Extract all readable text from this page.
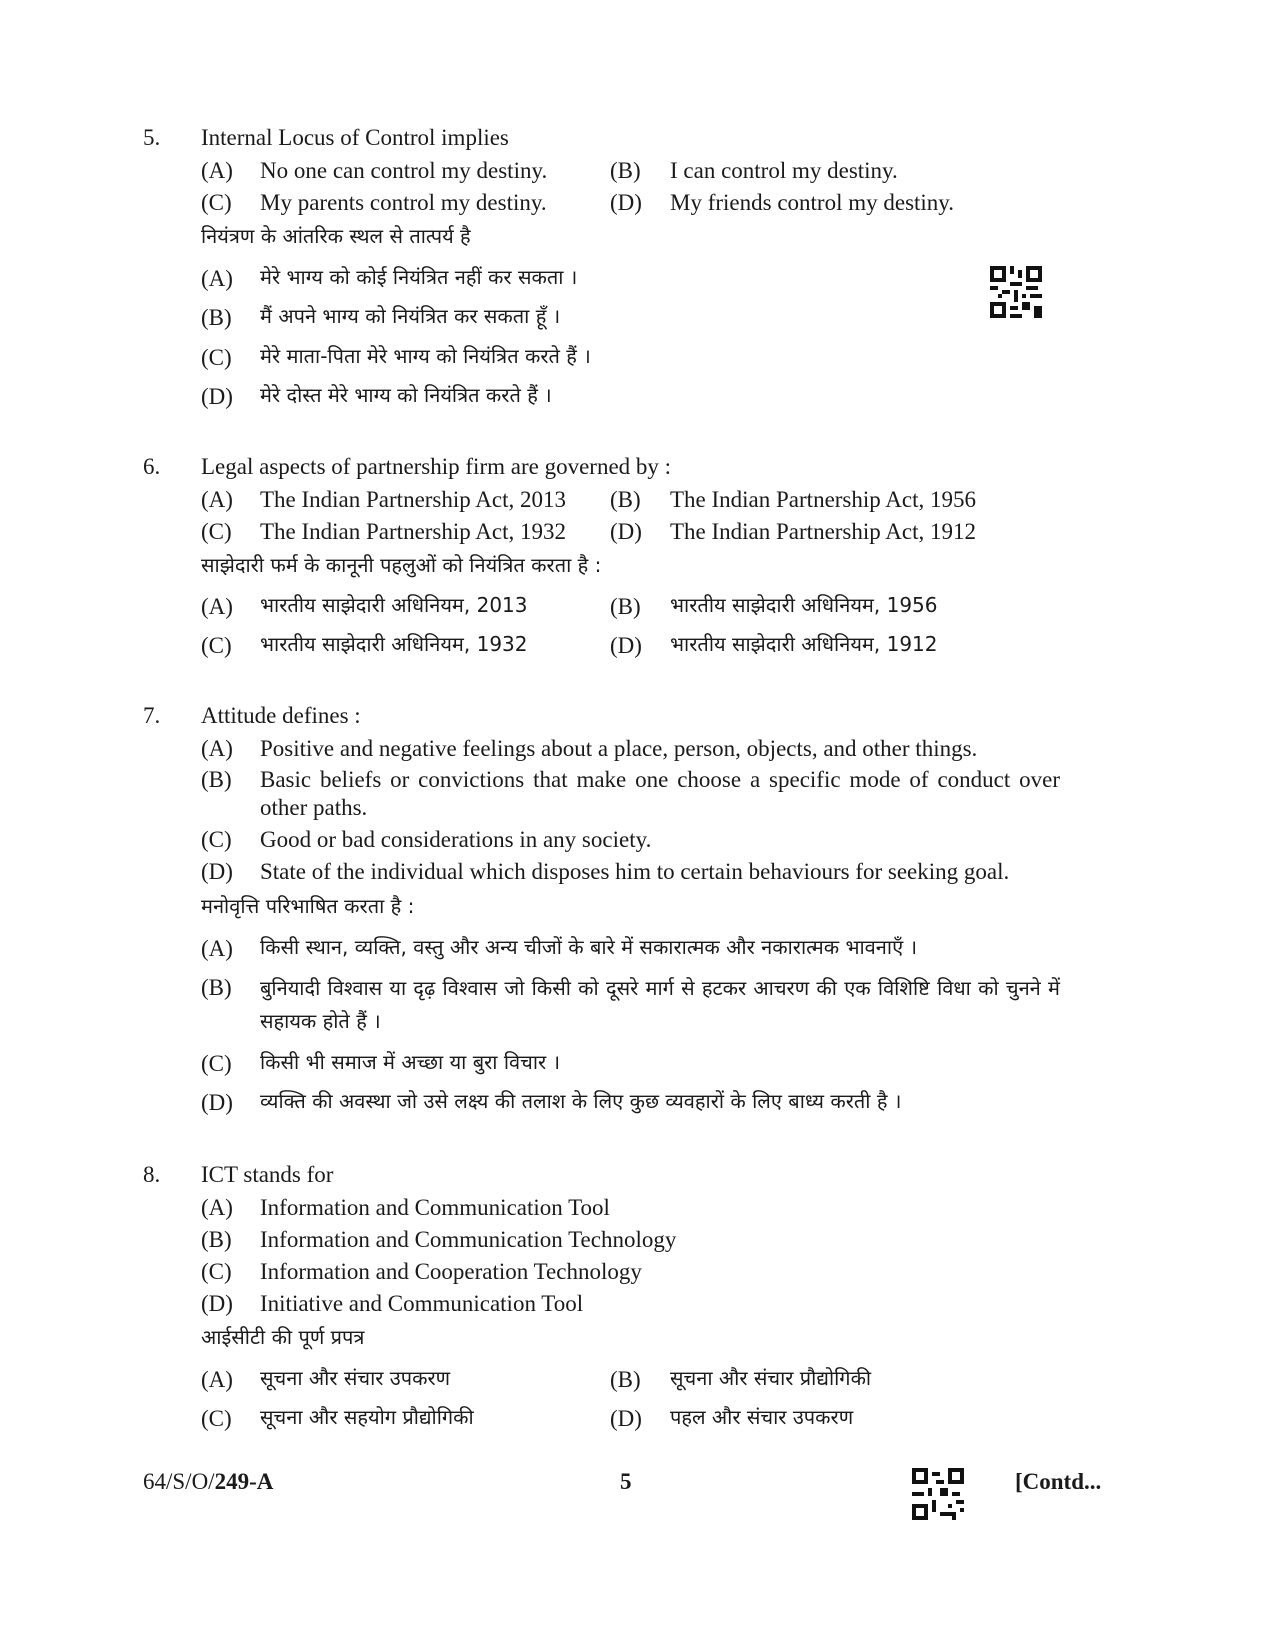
5. Internal Locus of Control implies
(A) No one can control my destiny.	(B) I can control my destiny.
(C) My parents control my destiny.	(D) My friends control my destiny.
नियंत्रण के आंतरिक स्थल से तात्पर्य है
(A) मेरे भाग्य को कोई नियंत्रित नहीं कर सकता ।
(B) मैं अपने भाग्य को नियंत्रित कर सकता हूँ ।
(C) मेरे माता-पिता मेरे भाग्य को नियंत्रित करते हैं ।
(D) मेरे दोस्त मेरे भाग्य को नियंत्रित करते हैं ।
6. Legal aspects of partnership firm are governed by :
(A) The Indian Partnership Act, 2013 (B) The Indian Partnership Act, 1956
(C) The Indian Partnership Act, 1932 (D) The Indian Partnership Act, 1912
साझेदारी फर्म के कानूनी पहलुओं को नियंत्रित करता है :
(A) भारतीय साझेदारी अधिनियम, 2013	(B) भारतीय साझेदारी अधिनियम, 1956
(C) भारतीय साझेदारी अधिनियम, 1932	(D) भारतीय साझेदारी अधिनियम, 1912
7. Attitude defines :
(A) Positive and negative feelings about a place, person, objects, and other things.
(B) Basic beliefs or convictions that make one choose a specific mode of conduct over other paths.
(C) Good or bad considerations in any society.
(D) State of the individual which disposes him to certain behaviours for seeking goal.
मनोवृत्ति परिभाषित करता है :
(A) किसी स्थान, व्यक्ति, वस्तु और अन्य चीजों के बारे में सकारात्मक और नकारात्मक भावनाएँ ।
(B) बुनियादी विश्वास या दृढ़ विश्वास जो किसी को दूसरे मार्ग से हटकर आचरण की एक विशिष्टि विधा को चुनने में सहायक होते हैं ।
(C) किसी भी समाज में अच्छा या बुरा विचार ।
(D) व्यक्ति की अवस्था जो उसे लक्ष्य की तलाश के लिए कुछ व्यवहारों के लिए बाध्य करती है ।
8. ICT stands for
(A) Information and Communication Tool
(B) Information and Communication Technology
(C) Information and Cooperation Technology
(D) Initiative and Communication Tool
आईसीटी की पूर्ण प्रपत्र
(A) सूचना और संचार उपकरण	(B) सूचना और संचार प्रौद्योगिकी
(C) सूचना और सहयोग प्रौद्योगिकी	(D) पहल और संचार उपकरण
64/S/O/249-A	5	[Contd...
